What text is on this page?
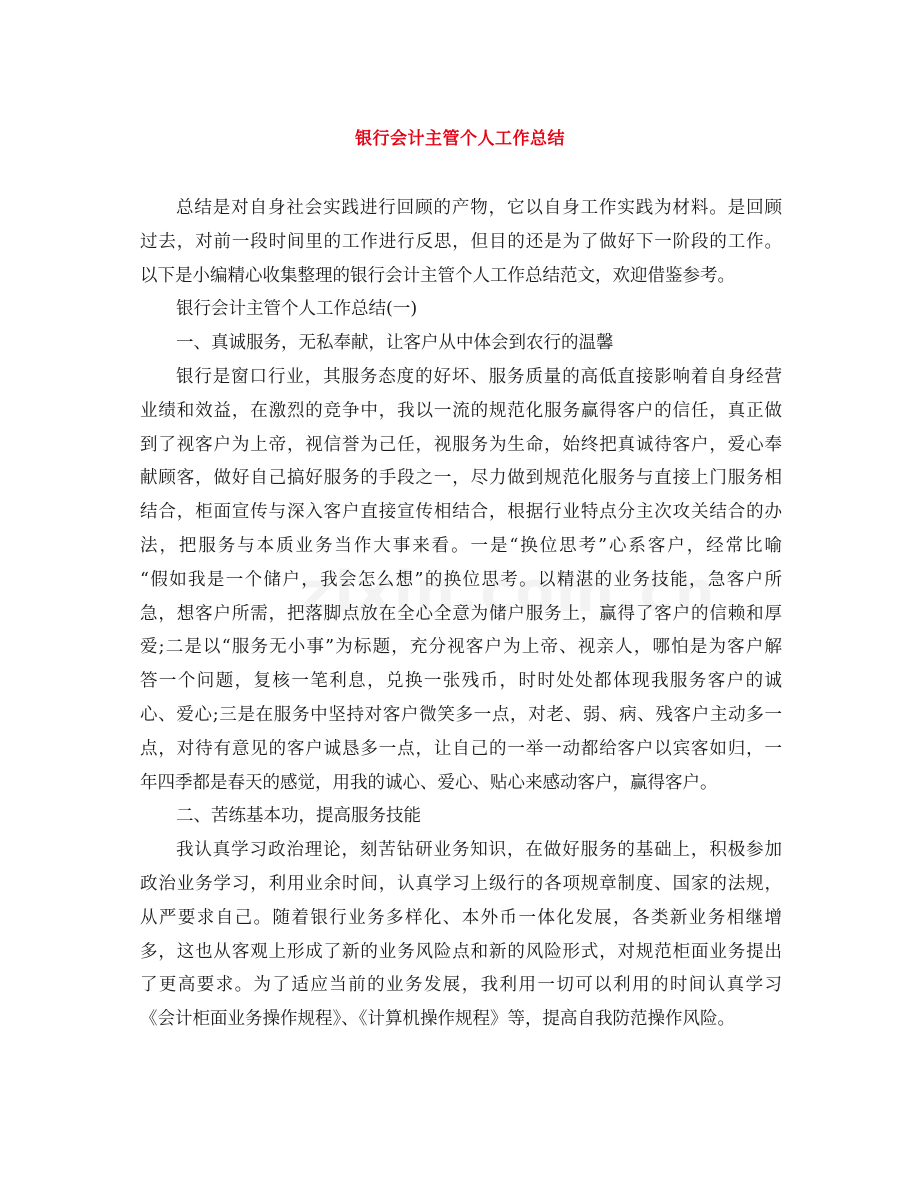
银行会计主管个人工作总结
总结是对自身社会实践进行回顾的产物，它以自身工作实践为材料。是回顾
过去，对前一段时间里的工作进行反思，但目的还是为了做好下一阶段的工作。
以下是小编精心收集整理的银行会计主管个人工作总结范文，欢迎借鉴参考。
银行会计主管个人工作总结(一)
一、真诚服务，无私奉献，让客户从中体会到农行的温馨
银行是窗口行业，其服务态度的好坏、服务质量的高低直接影响着自身经营
业绩和效益，在激烈的竞争中，我以一流的规范化服务赢得客户的信任，真正做
到了视客户为上帝，视信誉为己任，视服务为生命，始终把真诚待客户，爱心奉
献顾客，做好自己搞好服务的手段之一，尽力做到规范化服务与直接上门服务相
结合，柜面宣传与深入客户直接宣传相结合，根据行业特点分主次攻关结合的办
法，把服务与本质业务当作大事来看。一是“换位思考”心系客户，经常比喻
“假如我是一个储户，我会怎么想”的换位思考。以精湛的业务技能，急客户所
急，想客户所需，把落脚点放在全心全意为储户服务上，赢得了客户的信赖和厚
爱;二是以“服务无小事”为标题，充分视客户为上帝、视亲人，哪怕是为客户解
答一个问题，复核一笔利息，兑换一张残币，时时处处都体现我服务客户的诚
心、爱心;三是在服务中坚持对客户微笑多一点，对老、弱、病、残客户主动多一
点，对待有意见的客户诚恳多一点，让自己的一举一动都给客户以宾客如归，一
年四季都是春天的感觉，用我的诚心、爱心、贴心来感动客户，赢得客户。
二、苦练基本功，提高服务技能
我认真学习政治理论，刻苦钻研业务知识，在做好服务的基础上，积极参加
政治业务学习，利用业余时间，认真学习上级行的各项规章制度、国家的法规，
从严要求自己。随着银行业务多样化、本外币一体化发展，各类新业务相继增
多，这也从客观上形成了新的业务风险点和新的风险形式，对规范柜面业务提出
了更高要求。为了适应当前的业务发展，我利用一切可以利用的时间认真学习
《会计柜面业务操作规程》、《计算机操作规程》等，提高自我防范操作风险。
